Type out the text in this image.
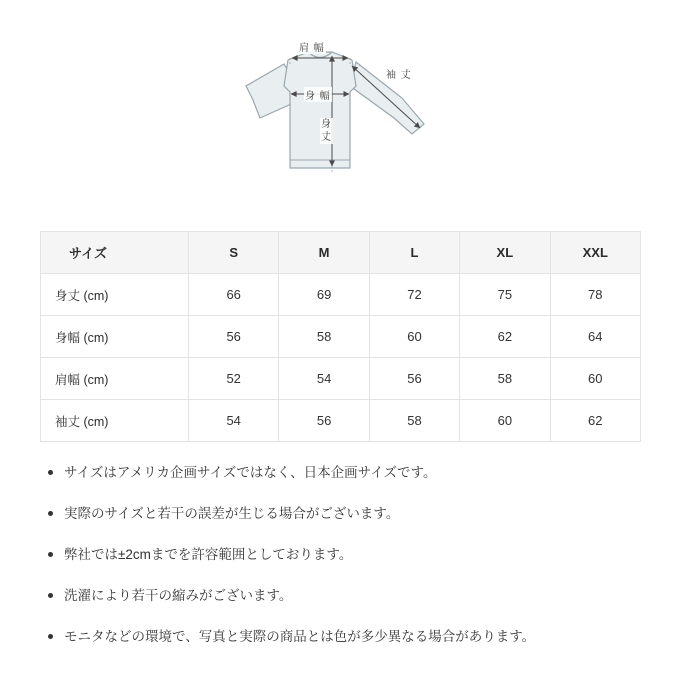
肩 幅
身 幅
袖 丈
身
丈
サイズ	S	M	L	XL	XXL
身丈 (cm)	66	69	72	75	78
身幅 (cm)	56	58	60	62	64
肩幅 (cm)	52	54	56	58	60
袖丈 (cm)	54	56	58	60	62
サイズはアメリカ企画サイズではなく、日本企画サイズです。
実際のサイズと若干の誤差が生じる場合がございます。
弊社では±2cmまでを許容範囲としております。
洗濯により若干の縮みがございます。
モニタなどの環境で、写真と実際の商品とは色が多少異なる場合があります。
